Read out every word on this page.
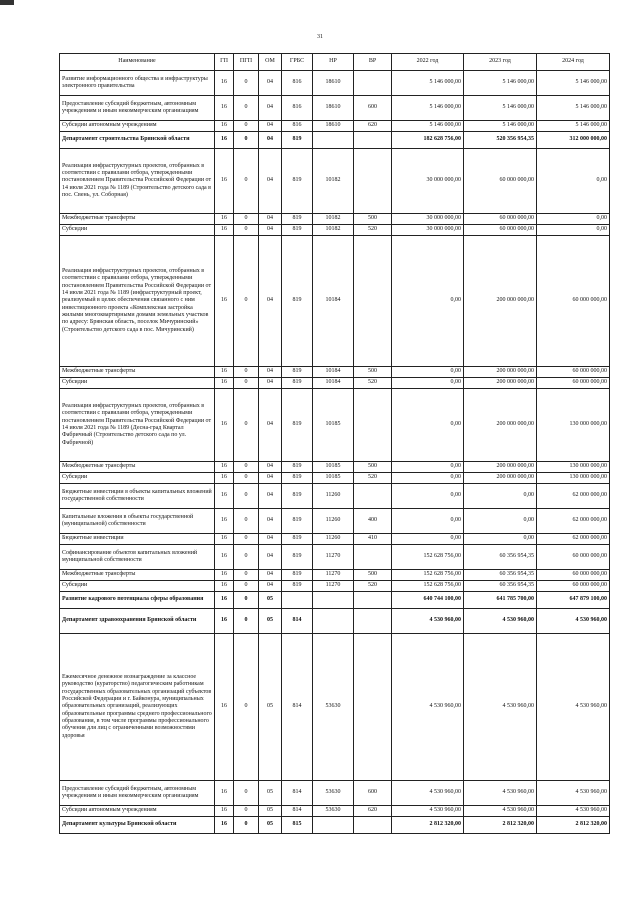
31
Наименование	ГП	ПГП	ОМ	ГРБС	НР	ВР	2022 год	2023 год	2024 год
Развитие информационного общества и инфраструктуры электронного правительства	16	0	04	816	18610		5 146 000,00	5 146 000,00	5 146 000,00
Предоставление субсидий бюджетным, автономным учреждениям и иным некоммерческим организациям	16	0	04	816	18610	600	5 146 000,00	5 146 000,00	5 146 000,00
Субсидии автономным учреждениям	16	0	04	816	18610	620	5 146 000,00	5 146 000,00	5 146 000,00
Департамент строительства Брянской области	16	0	04	819			182 628 756,00	520 356 954,35	312 000 000,00
Реализация инфраструктурных проектов, отобранных в соответствии с правилами отбора, утвержденными постановлением Правительства Российской Федерации от 14 июля 2021 года № 1189 (Строительство детского сада в пос. Свень, ул. Соборная)	16	0	04	819	10182		30 000 000,00	60 000 000,00	0,00
Межбюджетные трансферты	16	0	04	819	10182	500	30 000 000,00	60 000 000,00	0,00
Субсидии	16	0	04	819	10182	520	30 000 000,00	60 000 000,00	0,00
Реализация инфраструктурных проектов, отобранных в соответствии с правилами отбора, утвержденными постановлением Правительства Российской Федерации от 14 июля 2021 года № 1189 (инфраструктурный проект, реализуемый в целях обеспечения связанного с ним инвестиционного проекта «Комплексная застройка жилыми многоквартирными домами земельных участков по адресу: Брянская область, поселок Мичуринский» (Строительство детского сада в пос. Мичуринский)	16	0	04	819	10184		0,00	200 000 000,00	60 000 000,00
Межбюджетные трансферты	16	0	04	819	10184	500	0,00	200 000 000,00	60 000 000,00
Субсидии	16	0	04	819	10184	520	0,00	200 000 000,00	60 000 000,00
Реализация инфраструктурных проектов, отобранных в соответствии с правилами отбора, утвержденными постановлением Правительства Российской Федерации от 14 июля 2021 года № 1189 (Десна-град Квартал Фабричный (Строительство детского сада по ул. Фабричной)	16	0	04	819	10185		0,00	200 000 000,00	130 000 000,00
Межбюджетные трансферты	16	0	04	819	10185	500	0,00	200 000 000,00	130 000 000,00
Субсидии	16	0	04	819	10185	520	0,00	200 000 000,00	130 000 000,00
Бюджетные инвестиции в объекты капитальных вложений государственной собственности	16	0	04	819	11260		0,00	0,00	62 000 000,00
Капитальные вложения в объекты государственной (муниципальной) собственности	16	0	04	819	11260	400	0,00	0,00	62 000 000,00
Бюджетные инвестиции	16	0	04	819	11260	410	0,00	0,00	62 000 000,00
Софинансирование объектов капитальных вложений муниципальной собственности	16	0	04	819	11270		152 628 756,00	60 356 954,35	60 000 000,00
Межбюджетные трансферты	16	0	04	819	11270	500	152 628 756,00	60 356 954,35	60 000 000,00
Субсидии	16	0	04	819	11270	520	152 628 756,00	60 356 954,35	60 000 000,00
Развитие кадрового потенциала сферы образования	16	0	05				640 744 100,00	641 785 700,00	647 879 100,00
Департамент здравоохранения Брянской области	16	0	05	814			4 530 960,00	4 530 960,00	4 530 960,00
Ежемесячное денежное вознаграждение за классное руководство (кураторство) педагогическим работникам государственных образовательных организаций субъектов Российской Федерации и г. Байконура, муниципальных образовательных организаций, реализующих образовательные программы среднего профессионального образования, в том числе программы профессионального обучения для лиц с ограниченными возможностями здоровья	16	0	05	814	53630		4 530 960,00	4 530 960,00	4 530 960,00
Предоставление субсидий бюджетным, автономным учреждениям и иным некоммерческим организациям	16	0	05	814	53630	600	4 530 960,00	4 530 960,00	4 530 960,00
Субсидии автономным учреждениям	16	0	05	814	53630	620	4 530 960,00	4 530 960,00	4 530 960,00
Департамент культуры Брянской области	16	0	05	815			2 812 320,00	2 812 320,00	2 812 320,00
